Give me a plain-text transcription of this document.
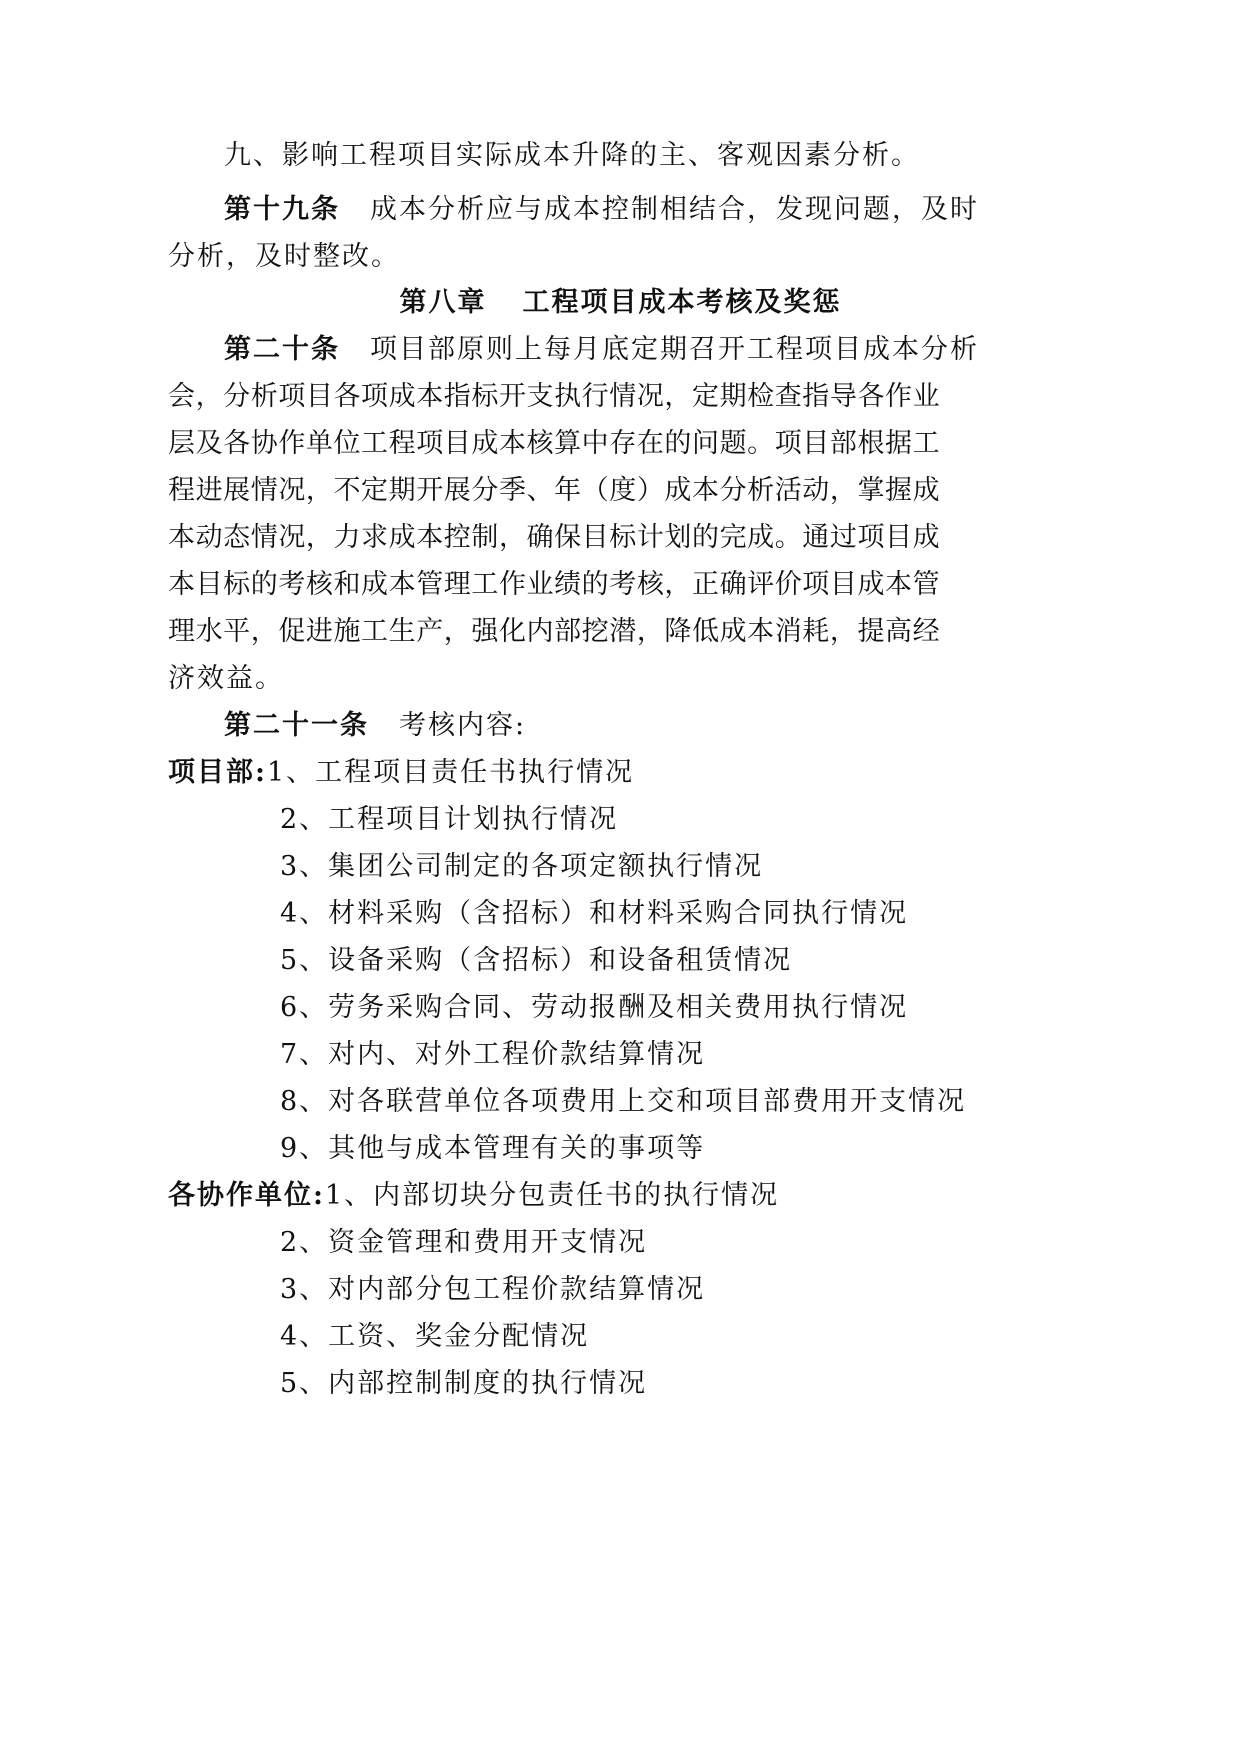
九、影响工程项目实际成本升降的主、客观因素分析。
第十九条 成本分析应与成本控制相结合，发现问题，及时
分析，及时整改。
第八章 工程项目成本考核及奖惩
第二十条 项目部原则上每月底定期召开工程项目成本分析
会 ， 分 析 项 目 各 项 成 本 指 标 开 支 执 行 情 况 ， 定 期 检 查 指 导 各 作 业
层 及 各 协 作 单 位 工 程 项 目 成 本 核 算 中 存 在 的 问 题 。 项 目 部 根 据 工
程 进 展 情 况 ， 不 定 期 开 展 分 季 、 年 （ 度 ） 成 本 分 析 活 动 ， 掌 握 成
本 动 态 情 况 ， 力 求 成 本 控 制 ， 确 保 目 标 计 划 的 完 成 。 通 过 项 目 成
本 目 标 的 考 核 和 成 本 管 理 工 作 业 绩 的 考 核 ， 正 确 评 价 项 目 成 本 管
理 水 平 ， 促 进 施 工 生 产 ， 强 化 内 部 挖 潜 ， 降 低 成 本 消 耗 ， 提 高 经
济效益。
第二十一条 考核内容:
项目部:1、工程项目责任书执行情况
2、工程项目计划执行情况
3、集团公司制定的各项定额执行情况
4、材料采购（含招标）和材料采购合同执行情况
5、设备采购（含招标）和设备租赁情况
6、劳务采购合同、劳动报酬及相关费用执行情况
7、对内、对外工程价款结算情况
8、对各联营单位各项费用上交和项目部费用开支情况
9、其他与成本管理有关的事项等
各协作单位:1、内部切块分包责任书的执行情况
2、资金管理和费用开支情况
3、对内部分包工程价款结算情况
4、工资、奖金分配情况
5、内部控制制度的执行情况
